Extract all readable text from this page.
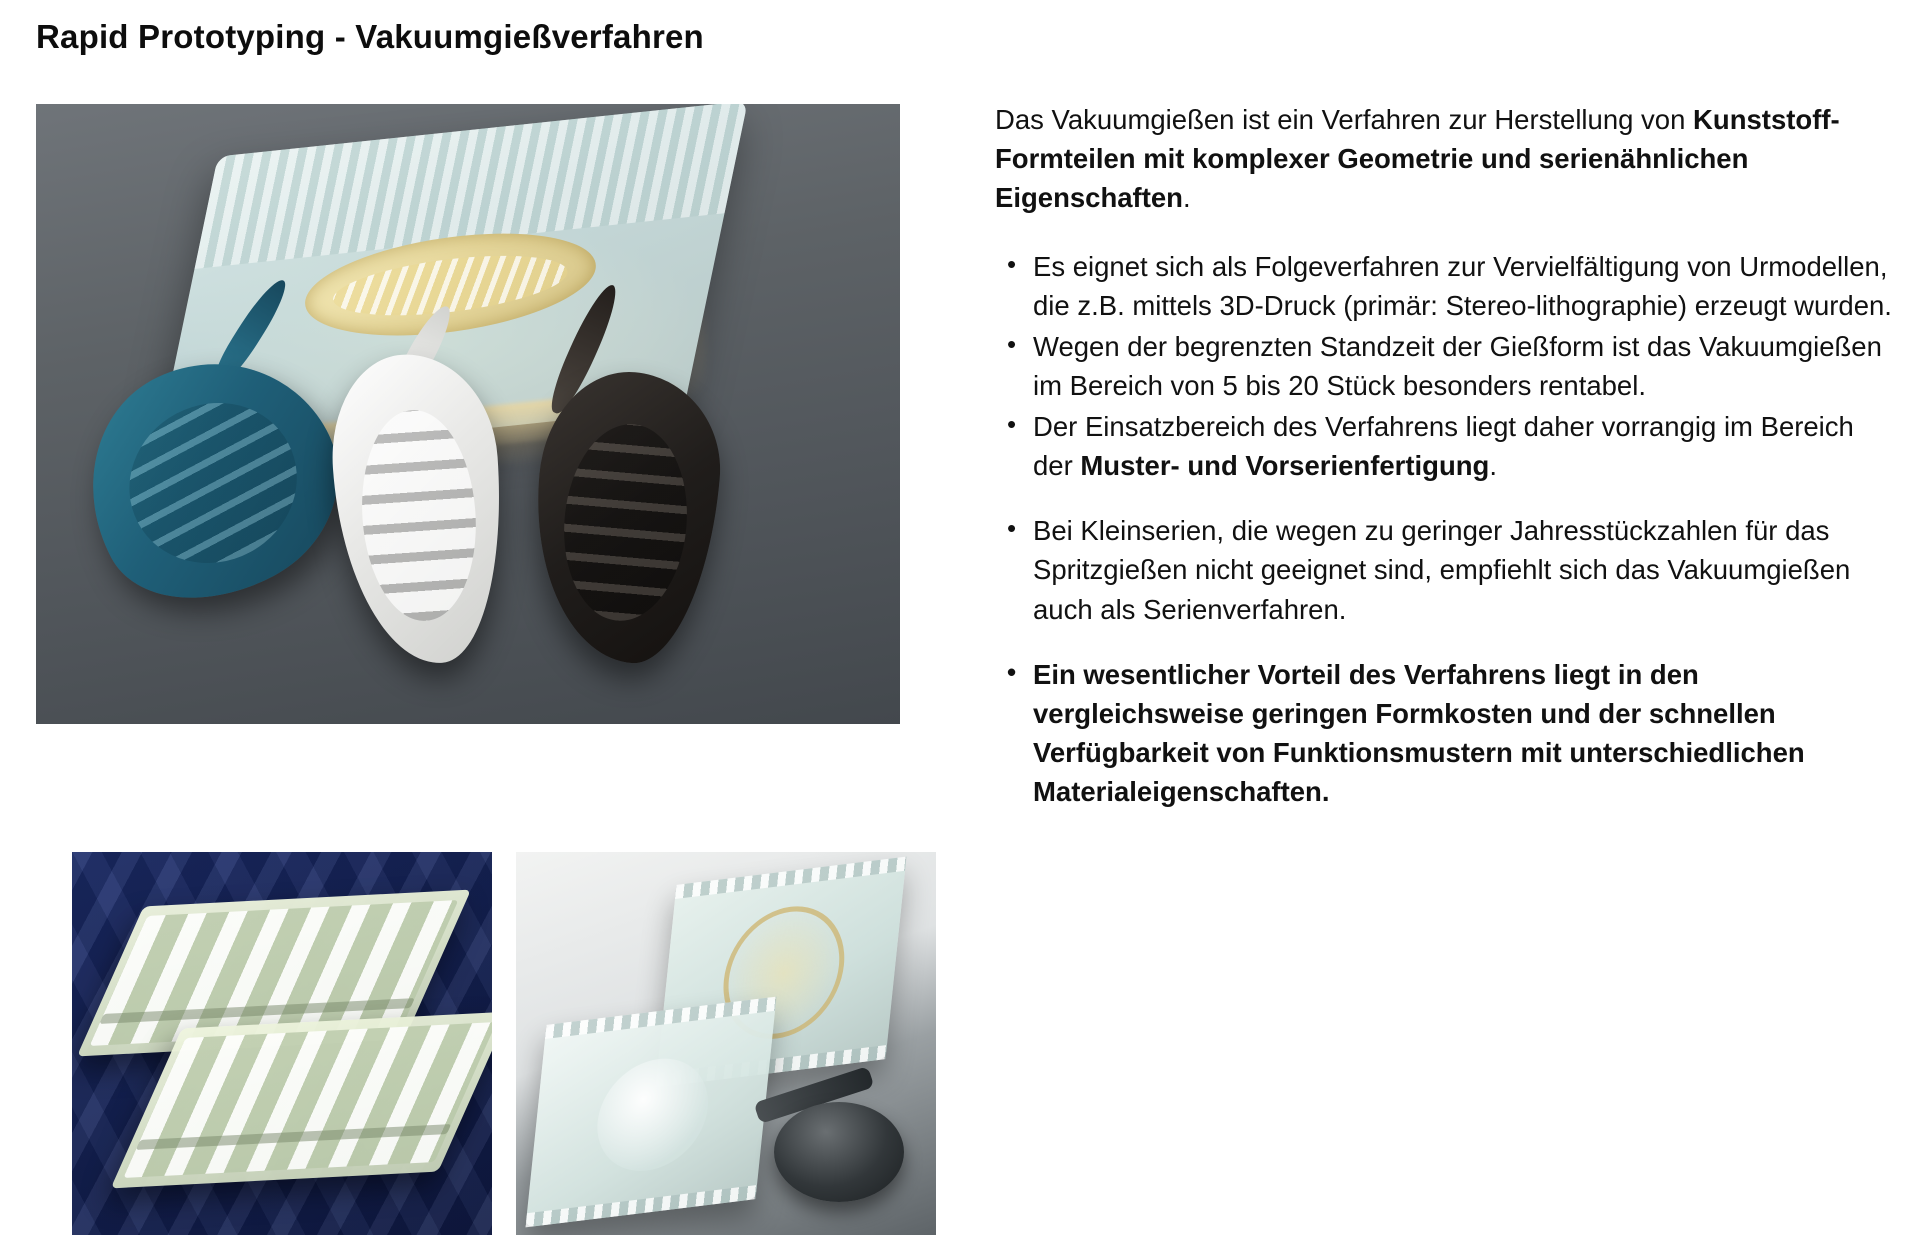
Rapid Prototyping - Vakuumgießverfahren

Das Vakuumgießen ist ein Verfahren zur Herstellung von Kunststoff-Formteilen mit komplexer Geometrie und serienähnlichen Eigenschaften.

• Es eignet sich als Folgeverfahren zur Vervielfältigung von Urmodellen, die z.B. mittels 3D-Druck (primär: Stereo-lithographie) erzeugt wurden.
• Wegen der begrenzten Standzeit der Gießform ist das Vakuumgießen im Bereich von 5 bis 20 Stück besonders rentabel.
• Der Einsatzbereich des Verfahrens liegt daher vorrangig im Bereich der Muster- und Vorserienfertigung.
• Bei Kleinserien, die wegen zu geringer Jahresstückzahlen für das Spritzgießen nicht geeignet sind, empfiehlt sich das Vakuumgießen auch als Serienverfahren.
• Ein wesentlicher Vorteil des Verfahrens liegt in den vergleichsweise geringen Formkosten und der schnellen Verfügbarkeit von Funktionsmustern mit unterschiedlichen Materialeigenschaften.
